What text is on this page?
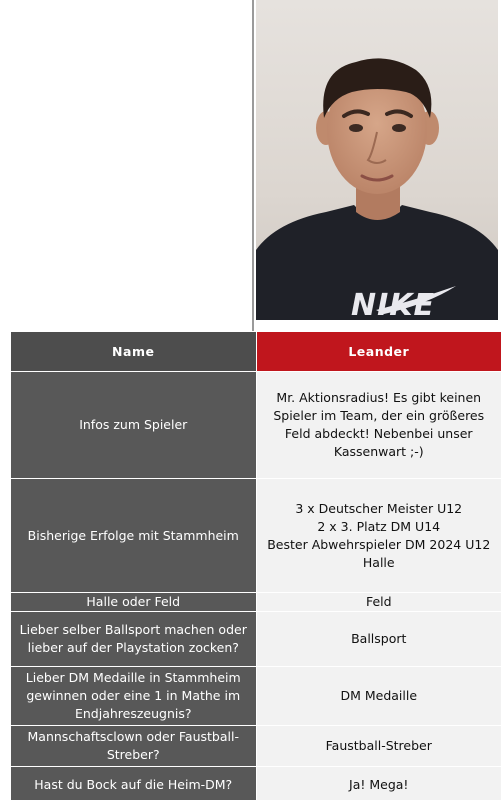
NIKE
Name	Leander
Infos zum Spieler	Mr. Aktionsradius! Es gibt keinen Spieler im Team, der ein größeres Feld abdeckt! Nebenbei unser Kassenwart ;-)
Bisherige Erfolge mit Stammheim	3 x Deutscher Meister U12
2 x 3. Platz DM U14
Bester Abwehrspieler DM 2024 U12 Halle

Halle oder Feld	Feld
Lieber selber Ballsport machen oder lieber auf der Playstation zocken?	Ballsport
Lieber DM Medaille in Stammheim gewinnen oder eine 1 in Mathe im Endjahreszeugnis?	DM Medaille
Mannschaftsclown oder Faustball-Streber?	Faustball-Streber
Hast du Bock auf die Heim-DM?	Ja! Mega!
